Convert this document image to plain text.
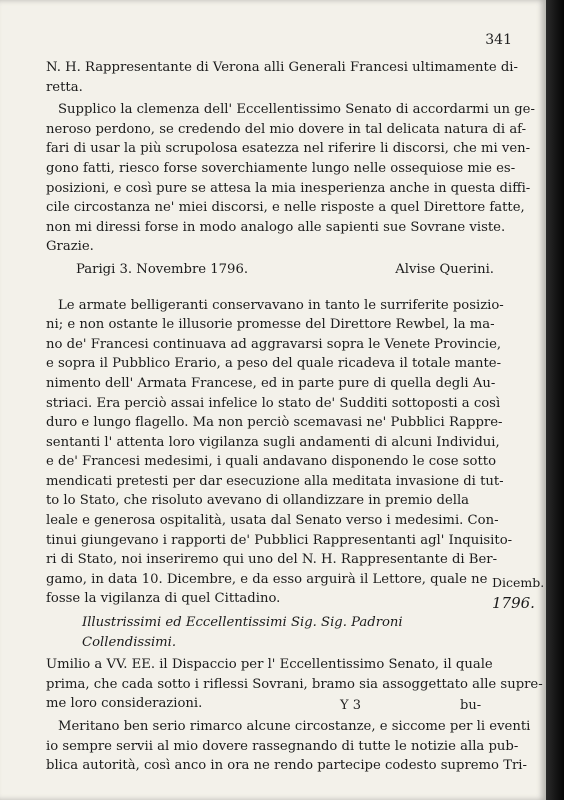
341
N. H. Rappresentante di Verona alli Generali Francesi ultimamente di-
retta.
Supplico la clemenza dell' Eccellentissimo Senato di accordarmi un ge-
neroso perdono, se credendo del mio dovere in tal delicata natura di af-
fari di usar la più scrupolosa esatezza nel riferire li discorsi, che mi ven-
gono fatti, riesco forse soverchiamente lungo nelle ossequiose mie es-
posizioni, e così pure se attesa la mia inesperienza anche in questa diffi-
cile circostanza ne' miei discorsi, e nelle risposte a quel Direttore fatte,
non mi diressi forse in modo analogo alle sapienti sue Sovrane viste.
Grazie.
Parigi 3. Novembre 1796.	Alvise Querini.
Le armate belligeranti conservavano in tanto le surriferite posizio-
ni; e non ostante le illusorie promesse del Direttore Rewbel, la ma-
no de' Francesi continuava ad aggravarsi sopra le Venete Provincie,
e sopra il Pubblico Erario, a peso del quale ricadeva il totale mante-
nimento dell' Armata Francese, ed in parte pure di quella degli Au-
striaci. Era perciò assai infelice lo stato de' Sudditi sottoposti a così
duro e lungo flagello. Ma non perciò scemavasi ne' Pubblici Rappre-
sentanti l' attenta loro vigilanza sugli andamenti di alcuni Individui,
e de' Francesi medesimi, i quali andavano disponendo le cose sotto
mendicati pretesti per dar esecuzione alla meditata invasione di tut-
to lo Stato, che risoluto avevano di ollandizzare in premio della
leale e generosa ospitalità, usata dal Senato verso i medesimi. Con-
tinui giungevano i rapporti de' Pubblici Rappresentanti agl' Inquisito-
ri di Stato, noi inseriremo qui uno del N. H. Rappresentante di Ber-
gamo, in data 10. Dicembre, e da esso arguirà il Lettore, quale ne
fosse la vigilanza di quel Cittadino.
Illustrissimi ed Eccellentissimi Sig. Sig. Padroni Collendissimi.
Umilio a VV. EE. il Dispaccio per l' Eccellentissimo Senato, il quale
prima, che cada sotto i riflessi Sovrani, bramo sia assoggettato alle supre-
me loro considerazioni.
Meritano ben serio rimarco alcune circostanze, e siccome per li eventi
io sempre servii al mio dovere rassegnando di tutte le notizie alla pub-
blica autorità, così anco in ora ne rendo partecipe codesto supremo Tri-
Dicemb.
1796.
Y 3	bu-
